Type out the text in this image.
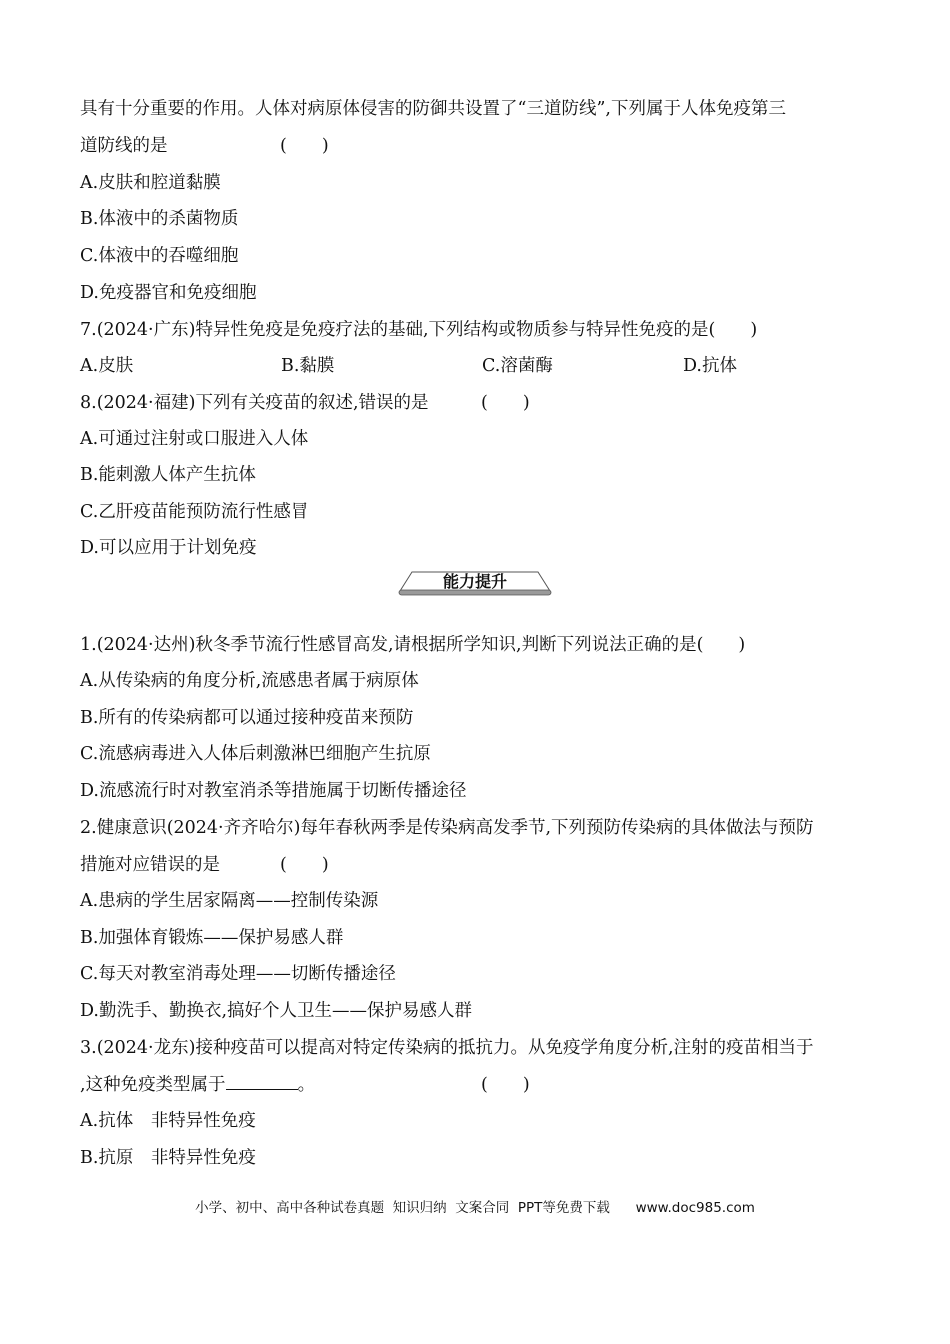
具有十分重要的作用。人体对病原体侵害的防御共设置了“三道防线”,下列属于人体免疫第三
道防线的是	(　　)
A.皮肤和腔道黏膜
B.体液中的杀菌物质
C.体液中的吞噬细胞
D.免疫器官和免疫细胞
7.(2024·广东)特异性免疫是免疫疗法的基础,下列结构或物质参与特异性免疫的是(　　)
A.皮肤	B.黏膜	C.溶菌酶	D.抗体
8.(2024·福建)下列有关疫苗的叙述,错误的是	(　　)
A.可通过注射或口服进入人体
B.能刺激人体产生抗体
C.乙肝疫苗能预防流行性感冒
D.可以应用于计划免疫
能力提升
1.(2024·达州)秋冬季节流行性感冒高发,请根据所学知识,判断下列说法正确的是(　　)
A.从传染病的角度分析,流感患者属于病原体
B.所有的传染病都可以通过接种疫苗来预防
C.流感病毒进入人体后刺激淋巴细胞产生抗原
D.流感流行时对教室消杀等措施属于切断传播途径
2.健康意识(2024·齐齐哈尔)每年春秋两季是传染病高发季节,下列预防传染病的具体做法与预防
措施对应错误的是	(　　)
A.患病的学生居家隔离——控制传染源
B.加强体育锻炼——保护易感人群
C.每天对教室消毒处理——切断传播途径
D.勤洗手、勤换衣,搞好个人卫生——保护易感人群
3.(2024·龙东)接种疫苗可以提高对特定传染病的抵抗力。从免疫学角度分析,注射的疫苗相当于
,这种免疫类型属于	。	(　　)
A.抗体　非特异性免疫
B.抗原　非特异性免疫
小学、初中、高中各种试卷真题  知识归纳  文案合同  PPT等免费下载      www.doc985.com
